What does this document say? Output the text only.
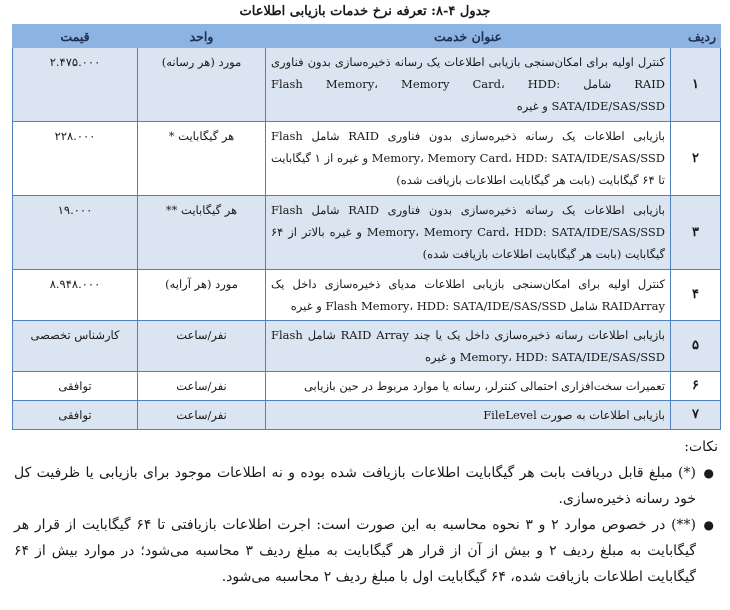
جدول ۴-۸: تعرفه نرخ خدمات بازیابی اطلاعات
ردیف	عنوان خدمت	واحد	قیمت
۱	کنترل اولیه برای امکان‌سنجی بازیابی اطلاعات یک رسانه ذخیره‌سازی بدون فناوری RAID شامل Flash Memory، Memory Card، HDD: SATA/IDE/SAS/SSD و غیره	مورد (هر رسانه)	۲.۴۷۵.۰۰۰
۲	بازیابی اطلاعات یک رسانه ذخیره‌سازی بدون فناوری RAID شامل Flash Memory، Memory Card، HDD: SATA/IDE/SAS/SSD و غیره از ۱ گیگابایت تا ۶۴ گیگابایت (بابت هر گیگابایت اطلاعات بازیافت شده)	هر گیگابایت *	۲۲۸.۰۰۰
۳	بازیابی اطلاعات یک رسانه ذخیره‌سازی بدون فناوری RAID شامل Flash Memory، Memory Card، HDD: SATA/IDE/SAS/SSD و غیره بالاتر از ۶۴ گیگابایت (بابت هر گیگابایت اطلاعات بازیافت شده)	هر گیگابایت **	۱۹.۰۰۰
۴	کنترل اولیه برای امکان‌سنجی بازیابی اطلاعات مدیای ذخیره‌سازی داخل یک RAIDArray شامل Flash Memory، HDD: SATA/IDE/SAS/SSD و غیره	مورد (هر آرایه)	۸.۹۴۸.۰۰۰
۵	بازیابی اطلاعات رسانه ذخیره‌سازی داخل یک یا چند RAID Array شامل Flash Memory، HDD: SATA/IDE/SAS/SSD و غیره	نفر/ساعت	کارشناس تخصصی
۶	تعمیرات سخت‌افزاری احتمالی کنترلر، رسانه یا موارد مربوط در حین بازیابی	نفر/ساعت	توافقی
۷	بازیابی اطلاعات به صورت FileLevel	نفر/ساعت	توافقی
نکات:
●
(*) مبلغ قابل دریافت بابت هر گیگابایت اطلاعات بازیافت شده بوده و نه اطلاعات موجود برای بازیابی یا ظرفیت کل خود رسانه ذخیره‌سازی.
●
(**) در خصوص موارد ۲ و ۳ نحوه محاسبه به این صورت است: اجرت اطلاعات بازیافتی تا ۶۴ گیگابایت از قرار هر گیگابایت به مبلغ ردیف ۲ و بیش از آن از قرار هر گیگابایت به مبلغ ردیف ۳ محاسبه می‌شود؛ در موارد بیش از ۶۴ گیگابایت اطلاعات بازیافت شده، ۶۴ گیگابایت اول با مبلغ ردیف ۲ محاسبه می‌شود.
